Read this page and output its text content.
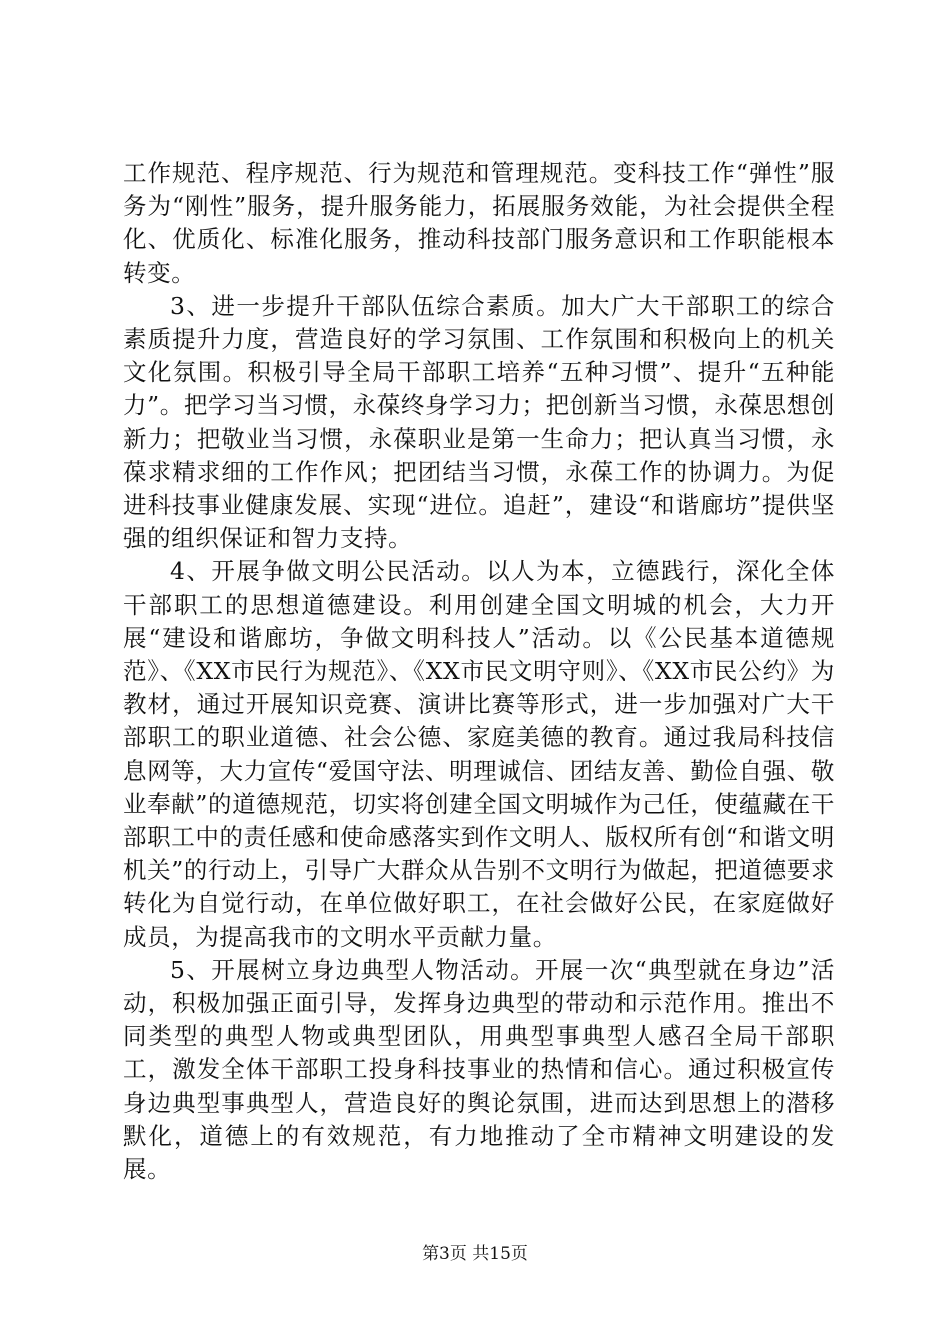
工作规范、程序规范、行为规范和管理规范。变科技工作“弹性”服务为“刚性”服务，提升服务能力，拓展服务效能，为社会提供全程化、优质化、标准化服务，推动科技部门服务意识和工作职能根本转变。

3、进一步提升干部队伍综合素质。加大广大干部职工的综合素质提升力度，营造良好的学习氛围、工作氛围和积极向上的机关文化氛围。积极引导全局干部职工培养“五种习惯”、提升“五种能力”。把学习当习惯，永葆终身学习力；把创新当习惯，永葆思想创新力；把敬业当习惯，永葆职业是第一生命力；把认真当习惯，永葆求精求细的工作作风；把团结当习惯，永葆工作的协调力。为促进科技事业健康发展、实现“进位。追赶”，建设“和谐廊坊”提供坚强的组织保证和智力支持。

4、开展争做文明公民活动。以人为本，立德践行，深化全体干部职工的思想道德建设。利用创建全国文明城的机会，大力开展“建设和谐廊坊，争做文明科技人”活动。以《公民基本道德规范》、《XX市民行为规范》、《XX市民文明守则》、《XX市民公约》为教材，通过开展知识竞赛、演讲比赛等形式，进一步加强对广大干部职工的职业道德、社会公德、家庭美德的教育。通过我局科技信息网等，大力宣传“爱国守法、明理诚信、团结友善、勤俭自强、敬业奉献”的道德规范，切实将创建全国文明城作为己任，使蕴藏在干部职工中的责任感和使命感落实到作文明人、版权所有创“和谐文明机关”的行动上，引导广大群众从告别不文明行为做起，把道德要求转化为自觉行动，在单位做好职工，在社会做好公民，在家庭做好成员，为提高我市的文明水平贡献力量。

5、开展树立身边典型人物活动。开展一次“典型就在身边”活动，积极加强正面引导，发挥身边典型的带动和示范作用。推出不同类型的典型人物或典型团队，用典型事典型人感召全局干部职工，激发全体干部职工投身科技事业的热情和信心。通过积极宣传身边典型事典型人，营造良好的舆论氛围，进而达到思想上的潜移默化，道德上的有效规范，有力地推动了全市精神文明建设的发展。

第3页 共15页
